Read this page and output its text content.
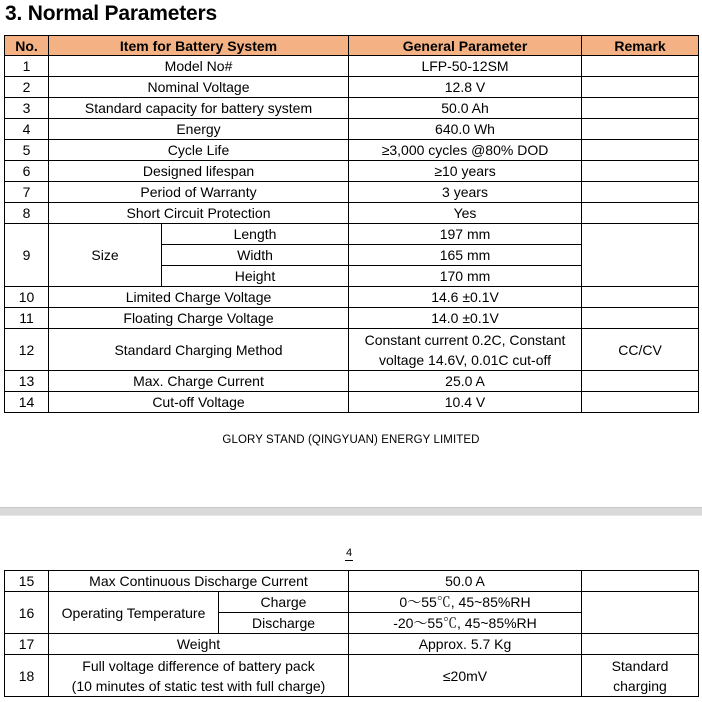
3. Normal Parameters
No.	Item for Battery System		General Parameter	Remark
1	Model No#		LFP-50-12SM	
2	Nominal Voltage		12.8 V	
3	Standard capacity for battery system		50.0 Ah	
4	Energy		640.0 Wh	
5	Cycle Life		≥3,000 cycles @80% DOD	
6	Designed lifespan		≥10 years	
7	Period of Warranty		3 years	
8	Short Circuit Protection		Yes	
9	Size	Length	197 mm	
		Width	165 mm	
		Height	170 mm	
10	Limited Charge Voltage		14.6 ±0.1V	
11	Floating Charge Voltage		14.0 ±0.1V	
12	Standard Charging Method		Constant current 0.2C, Constant
voltage 14.6V, 0.01C cut-off	CC/CV
13	Max. Charge Current		25.0 A	
14	Cut-off Voltage		10.4 V	
GLORY STAND (QINGYUAN) ENERGY LIMITED
4
15	Max Continuous Discharge Current		50.0 A	
16	Operating Temperature	Charge	0～55℃, 45~85%RH	
		Discharge	-20～55℃, 45~85%RH	
17	Weight		Approx. 5.7 Kg	
18	Full voltage difference of battery pack
(10 minutes of static test with full charge)		≤20mV	Standard
charging
